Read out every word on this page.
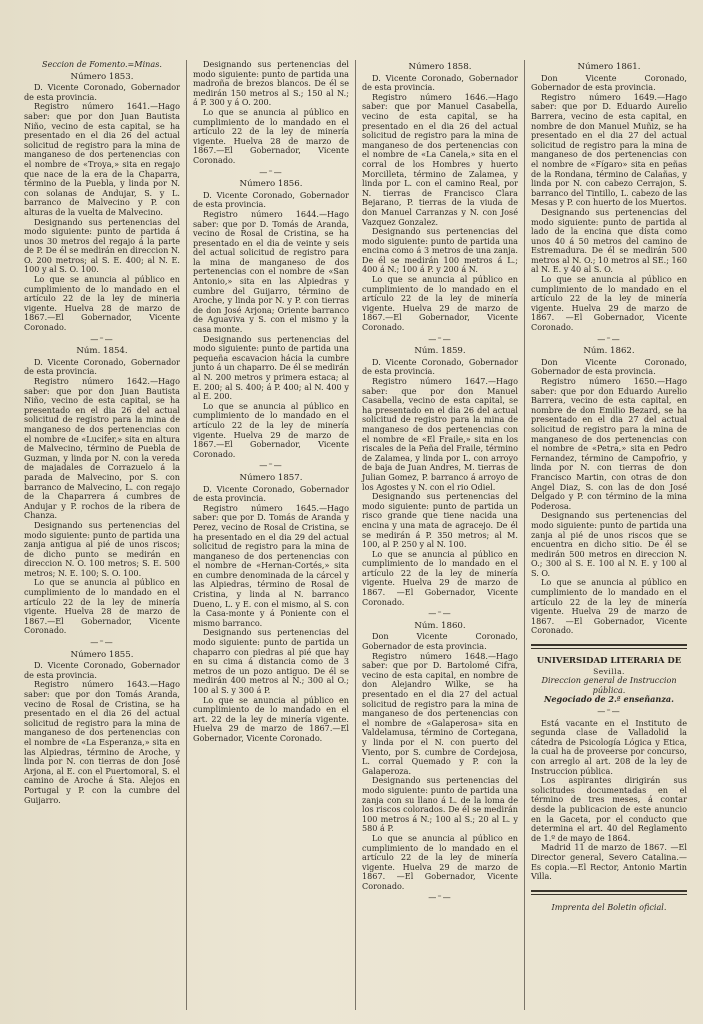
Seccion de Fomento.=Minas.

Número 1853.

D. Vicente Coronado, Gobernador de esta provincia.

Registro número 1641.—Hago saber: que por don Juan Bautista Niño, vecino de esta capital, se ha presentado en el dia 26 del actual solicitud de registro para la mina de manganeso de dos pertenencias con el nombre de «Troya,» sita en regajo que nace de la era de la Chaparra, término de la Puebla, y linda por N. con solanas de Andujar, S. y L. barranco de Malvecino y P. con alturas de la vuelta de Malvecino.

Designando sus pertenencias del modo siguiente: punto de partida á unos 30 metros del regajo á la parte de P. De él se medirán en direccion N. O. 200 metros; al S. E. 400; al N. E. 100 y al S. O. 100.

Lo que se anuncia al público en cumplimiento de lo mandado en el artículo 22 de la ley de mineria vigente. Huelva 28 de marzo de 1867.—El Gobernador, Vicente Coronado.

—⁼—

Núm. 1854.

D. Vicente Coronado, Gobernador de esta provincia.

Registro número 1642.—Hago saber: que por don Juan Bautista Niño, vecino de esta capital, se ha presentado en el dia 26 del actual solicitud de registro para la mina de manganeso de dos pertenencias con el nombre de «Lucifer,» sita en altura de Malvecino, término de Puebla de Guzman, y linda por N. con la vereda de majadales de Corrazuelo á la parada de Malvecino, por S. con barranco de Malvecino, L. con regajo de la Chaparrera á cumbres de Andujar y P. rochos de la ribera de Chanza.

Designando sus pertenencias del modo siguiente: punto de partida una zanja antigua al pié de unos riscos; de dicho punto se medirán en direccion N. O. 100 metros; S. E. 500 metros; N. E. 100; S. O. 100.

Lo que se anuncia al público en cumplimiento de lo mandado en el artículo 22 de la ley de minería vigente. Huelva 28 de marzo de 1867.—El Gobernador, Vicente Coronado.

—⁼—

Número 1855.

D. Vicente Coronado, Gobernador de esta provincia.

Registro número 1643.—Hago saber: que por don Tomás Aranda, vecino de Rosal de Cristina, se ha presentado en el dia 26 del actual solicitud de registro para la mina de manganeso de dos pertenencias con el nombre de «La Esperanza,» sita en las Alpiedras, término de Aroche, y linda por N. con tierras de don José Arjona, al E. con el Puertomoral, S. el camino de Aroche á Sta. Alejos en Portugal y P. con la cumbre del Guijarro.

Designando sus pertenencias del modo siguiente: punto de partida una madroña de brezos blancos. De él se medirán 150 metros al S.; 150 al N.; á P. 300 y á O. 200.

Lo que se anuncia al público en cumplimiento de lo mandado en el artículo 22 de la ley de minería vigente. Huelva 28 de marzo de 1867.—El Gobernador, Vicente Coronado.

—⁼—

Número 1856.

D. Vicente Coronado, Gobernador de esta provincia.

Registro número 1644.—Hago saber: que por D. Tomás de Aranda, vecino de Rosal de Cristina, se ha presentado en el dia de veinte y seis del actual solicitud de registro para la mina de manganeso de dos pertenencias con el nombre de «San Antonio,» sita en las Alpiedras y cumbre del Guijarro, término de Aroche, y linda por N. y P. con tierras de don José Arjona; Oriente barranco de Aguaviva y S. con el mismo y la casa monte.

Designando sus pertenencias del modo siguiente: punto de partida una pequeña escavacion hácia la cumbre junto á un chaparro. De él se medirán al N. 200 metros y primera estaca; al E. 200; al S. 400; á P. 400; al N. 400 y al E. 200.

Lo que se anuncia al público en cumplimiento de lo mandado en el artículo 22 de la ley de minería vigente. Huelva 29 de marzo de 1867.—El Gobernador, Vicente Coronado.

—⁼—

Número 1857.

D. Vicente Coronado, Gobernador de esta provincia.

Registro número 1645.—Hago saber: que por D. Tomás de Aranda y Perez, vecino de Rosal de Cristina, se ha presentado en el dia 29 del actual solicitud de registro para la mina de manganeso de dos pertenencias con el nombre de «Hernan-Cortés,» sita en cumbre denominada de la cárcel y las Alpiedras, término de Rosal de Cristina, y linda al N. barranco Dueno, L. y E. con el mismo, al S. con la Casa-monte y á Poniente con el mismo barranco.

Designando sus pertenencias del modo siguiente: punto de partida un chaparro con piedras al pié que hay en su cima á distancia como de 3 metros de un pozo antiguo. De él se medirán 400 metros al N.; 300 al O.; 100 al S. y 300 á P.

Lo que se anuncia al público en cumplimiento de lo mandado en el art. 22 de la ley de minería vigente. Huelva 29 de marzo de 1867.—El Gobernador, Vicente Coronado.

Número 1858.

D. Vicente Coronado, Gobernador de esta provincia.

Registro número 1646.—Hago saber: que por Manuel Casabella, vecino de esta capital, se ha presentado en el dia 26 del actual solicitud de registro para la mina de manganeso de dos pertenencias con el nombre de «La Canela,» sita en el corral de los Hombres y huerto Morcilleta, término de Zalamea, y linda por L. con el camino Real, por N. tierras de Francisco Clara Bejarano, P. tierras de la viuda de don Manuel Carranzas y N. con José Vazquez Gonzalez.

Designando sus pertenencias del modo siguiente: punto de partida una encina como á 3 metros de una zanja. De él se medirán 100 metros á L.; 400 á N.; 100 á P. y 200 á N.

Lo que se anuncia al público en cumplimiento de lo mandado en el artículo 22 de la ley de minería vigente. Huelva 29 de marzo de 1867.—El Gobernador, Vicente Coronado.

—⁼—

Núm. 1859.

D. Vicente Coronado, Gobernador de esta provincia.

Registro número 1647.—Hago saber: que por don Manuel Casabella, vecino de esta capital, se ha presentado en el dia 26 del actual solicitud de registro para la mina de manganeso de dos pertenencias con el nombre de «El Fraile,» sita en los riscales de la Peña del Fraile, término de Zalamea, y linda por L. con arroyo de baja de Juan Andres, M. tierras de Julian Gomez, P. barranco á arroyo de los Agostes y N. con el rio Odiel.

Designando sus pertenencias del modo siguiente: punto de partida un risco grande que tiene nacida una encina y una mata de agracejo. De él se medirán á P. 350 metros; al M. 100, al P. 250 y al N. 100.

Lo que se anuncia al público en cumplimiento de lo mandado en el artículo 22 de la ley de minería vigente. Huelva 29 de marzo de 1867. —El Gobernador, Vicente Coronado.

—⁼—

Núm. 1860.

Don Vicente Coronado, Gobernador de esta provincia.

Registro número 1648.—Hago saber: que por D. Bartolomé Cifra, vecino de esta capital, en nombre de don Alejandro Wilke, se ha presentado en el dia 27 del actual solicitud de registro para la mina de manganeso de dos pertenencias con el nombre de «Galaperosa» sita en Valdelamusa, término de Cortegana, y linda por el N. con puerto del Viento, por S. cumbre de Cordejosa, L. corral Quemado y P. con la Galaperoza.

Designando sus pertenencias del modo siguiente: punto de partida una zanja con su llano á L. de la loma de los riscos colorados. De él se medirán 100 metros á N.; 100 al S.; 20 al L. y 580 á P.

Lo que se anuncia al público en cumplimiento de lo mandado en el artículo 22 de la ley de minería vigente. Huelva 29 de marzo de 1867. —El Gobernador, Vicente Coronado.

—⁼—

Número 1861.

Don Vicente Coronado, Gobernador de esta provincia.

Registro número 1649.—Hago saber: que por D. Eduardo Aurelio Barrera, vecino de esta capital, en nombre de don Manuel Muñiz, se ha presentado en el dia 27 del actual solicitud de registro para la mina de manganeso de dos pertenencias con el nombre de «Fígaro» sita en peñas de la Rondana, término de Calañas, y linda por N. con cabezo Cerrajon, S. barranco del Tintillo, L. cabezo de las Mesas y P. con huerto de los Muertos.

Designando sus pertenencias del modo siguiente: punto de partida al lado de la encina que dista como unos 40 á 50 metros del camino de Estremadura. De él se medirán 500 metros al N. O.; 10 metros al SE.; 160 al N. E. y 40 al S. O.

Lo que se anuncia al público en cumplimiento de lo mandado en el artículo 22 de la ley de minería vigente. Huelva 29 de marzo de 1867. —El Gobernador, Vicente Coronado.

—⁼—

Núm. 1862.

Don Vicente Coronado, Gobernador de esta provincia.

Registro número 1650.—Hago saber: que por don Eduardo Aurelio Barrera, vecino de esta capital, en nombre de don Emilio Bezard, se ha presentado en el dia 27 del actual solicitud de registro para la mina de manganeso de dos pertenencias con el nombre de «Petra,» sita en Pedro Fernandez, término de Campofrio, y linda por N. con tierras de don Francisco Martin, con otras de don Angel Diaz, S. con las de don José Delgado y P. con término de la mina Poderosa.

Designando sus pertenencias del modo siguiente: punto de partida una zanja al pié de unos riscos que se encuentra en dicho sitio. De él se medirán 500 metros en direccion N. O.; 300 al S. E. 100 al N. E. y 100 al S. O.

Lo que se anuncia al público en cumplimiento de lo mandado en el artículo 22 de la ley de minería vigente. Huelva 29 de marzo de 1867. —El Gobernador, Vicente Coronado.

UNIVERSIDAD LITERARIA DE

Sevilla.

Direccion general de Instruccion pública.

Negociado de 2.ª enseñanza.

—⁼—

Está vacante en el Instituto de segunda clase de Valladolid la cátedra de Psicología Lógica y Etica, la cual ha de proveerse por concurso, con arreglo al art. 208 de la ley de Instruccion pública.

Los aspirantes dirigirán sus solicitudes documentadas en el término de tres meses, á contar desde la publicacion de este anuncio en la Gaceta, por el conducto que determina el art. 40 del Reglamento de 1.º de mayo de 1864.

Madrid 11 de marzo de 1867. —El Director general, Severo Catalina.—Es copia.—El Rector, Antonio Martin Villa.

Imprenta del Boletin oficial.
